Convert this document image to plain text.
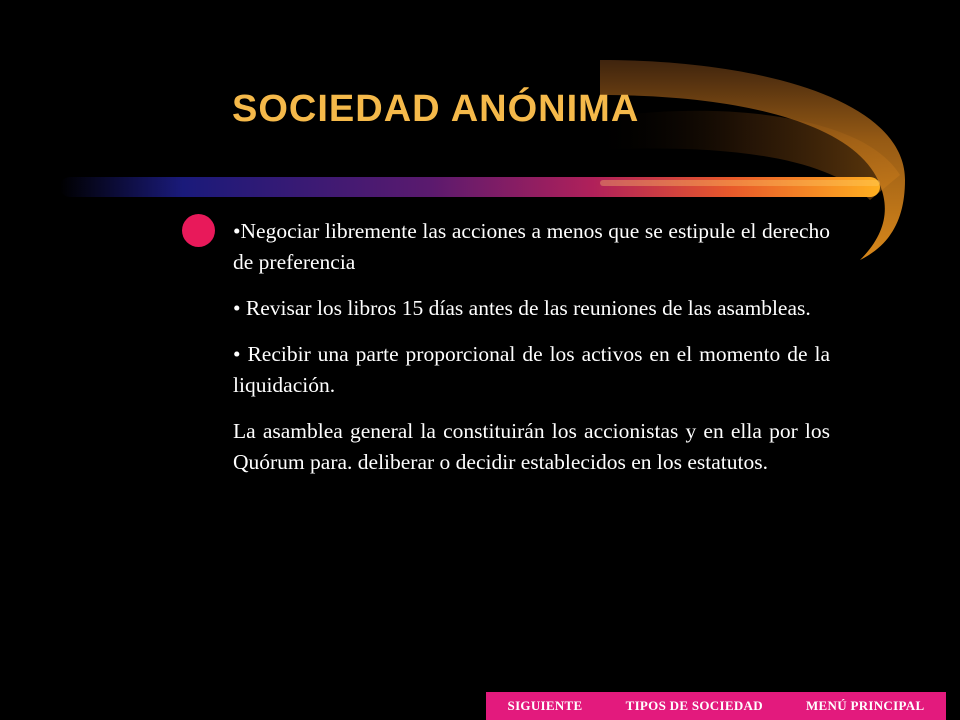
SOCIEDAD ANÓNIMA

•Negociar libremente las acciones a menos que se estipule el derecho de preferencia

• Revisar los libros 15 días antes de las reuniones de las asambleas.

• Recibir una parte proporcional de los activos en el momento de la liquidación.

La asamblea general la constituirán los accionistas y en ella por los Quórum para. deliberar o decidir establecidos en los estatutos.

SIGUIENTE	TIPOS DE SOCIEDAD	MENÚ PRINCIPAL
